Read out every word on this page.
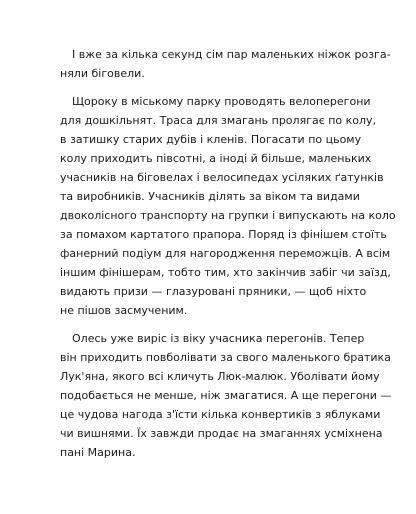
І вже за кілька секунд сім пар маленьких ніжок розга-
няли біговели.

Щороку в міському парку проводять велоперегони
для дошкільнят. Траса для змагань пролягає по колу,
в затишку старих дубів і кленів. Погасати по цьому
колу приходить півсотні, а іноді й більше, маленьких
учасників на біговелах і велосипедах усіляких ґатунків
та виробників. Учасників ділять за віком та видами
двоколісного транспорту на групки і випускають на коло
за помахом картатого прапора. Поряд із фінішем стоїть
фанерний подіум для нагородження переможців. А всім
іншим фінішерам, тобто тим, хто закінчив забіг чи заїзд,
видають призи — глазуровані пряники, — щоб ніхто
не пішов засмученим.

Олесь уже виріс із віку учасника перегонів. Тепер
він приходить повболівати за свого маленького братика
Лук'яна, якого всі кличуть Люк-малюк. Уболівати йому
подобається не менше, ніж змагатися. А ще перегони —
це чудова нагода з'їсти кілька конвертиків з яблуками
чи вишнями. Їх завжди продає на змаганнях усміхнена
пані Марина.
